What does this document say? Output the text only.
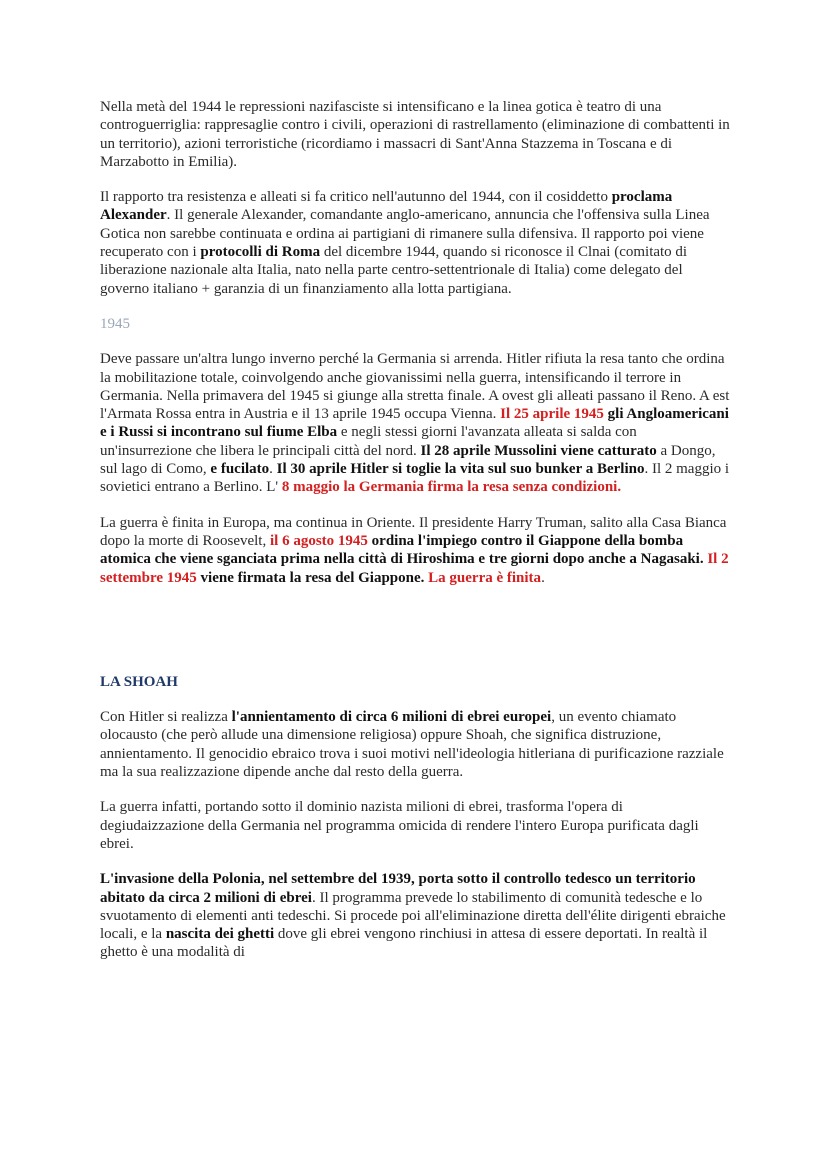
Nella metà del 1944 le repressioni nazifasciste si intensificano e la linea gotica è teatro di una controguerriglia: rappresaglie contro i civili, operazioni di rastrellamento (eliminazione di combattenti in un territorio), azioni terroristiche (ricordiamo i massacri di Sant'Anna Stazzema in Toscana e di Marzabotto in Emilia).

Il rapporto tra resistenza e alleati si fa critico nell'autunno del 1944, con il cosiddetto proclama Alexander. Il generale Alexander, comandante anglo-americano, annuncia che l'offensiva sulla Linea Gotica non sarebbe continuata e ordina ai partigiani di rimanere sulla difensiva. Il rapporto poi viene recuperato con i protocolli di Roma del dicembre 1944, quando si riconosce il Clnai (comitato di liberazione nazionale alta Italia, nato nella parte centro-settentrionale di Italia) come delegato del governo italiano + garanzia di un finanziamento alla lotta partigiana.

1945

Deve passare un'altra lungo inverno perché la Germania si arrenda. Hitler rifiuta la resa tanto che ordina la mobilitazione totale, coinvolgendo anche giovanissimi nella guerra, intensificando il terrore in Germania. Nella primavera del 1945 si giunge alla stretta finale. A ovest gli alleati passano il Reno. A est l'Armata Rossa entra in Austria e il 13 aprile 1945 occupa Vienna. Il 25 aprile 1945 gli Angloamericani e i Russi si incontrano sul fiume Elba e negli stessi giorni l'avanzata alleata si salda con un'insurrezione che libera le principali città del nord. Il 28 aprile Mussolini viene catturato a Dongo, sul lago di Como, e fucilato. Il 30 aprile Hitler si toglie la vita sul suo bunker a Berlino. Il 2 maggio i sovietici entrano a Berlino. L' 8 maggio la Germania firma la resa senza condizioni.

La guerra è finita in Europa, ma continua in Oriente. Il presidente Harry Truman, salito alla Casa Bianca dopo la morte di Roosevelt, il 6 agosto 1945 ordina l'impiego contro il Giappone della bomba atomica che viene sganciata prima nella città di Hiroshima e tre giorni dopo anche a Nagasaki. Il 2 settembre 1945 viene firmata la resa del Giappone. La guerra è finita.

LA SHOAH

Con Hitler si realizza l'annientamento di circa 6 milioni di ebrei europei, un evento chiamato olocausto (che però allude una dimensione religiosa) oppure Shoah, che significa distruzione, annientamento. Il genocidio ebraico trova i suoi motivi nell'ideologia hitleriana di purificazione razziale ma la sua realizzazione dipende anche dal resto della guerra.

La guerra infatti, portando sotto il dominio nazista milioni di ebrei, trasforma l'opera di degiudaizzazione della Germania nel programma omicida di rendere l'intero Europa purificata dagli ebrei.

L'invasione della Polonia, nel settembre del 1939, porta sotto il controllo tedesco un territorio abitato da circa 2 milioni di ebrei. Il programma prevede lo stabilimento di comunità tedesche e lo svuotamento di elementi anti tedeschi. Si procede poi all'eliminazione diretta dell'élite dirigenti ebraiche locali, e la nascita dei ghetti dove gli ebrei vengono rinchiusi in attesa di essere deportati. In realtà il ghetto è una modalità di
